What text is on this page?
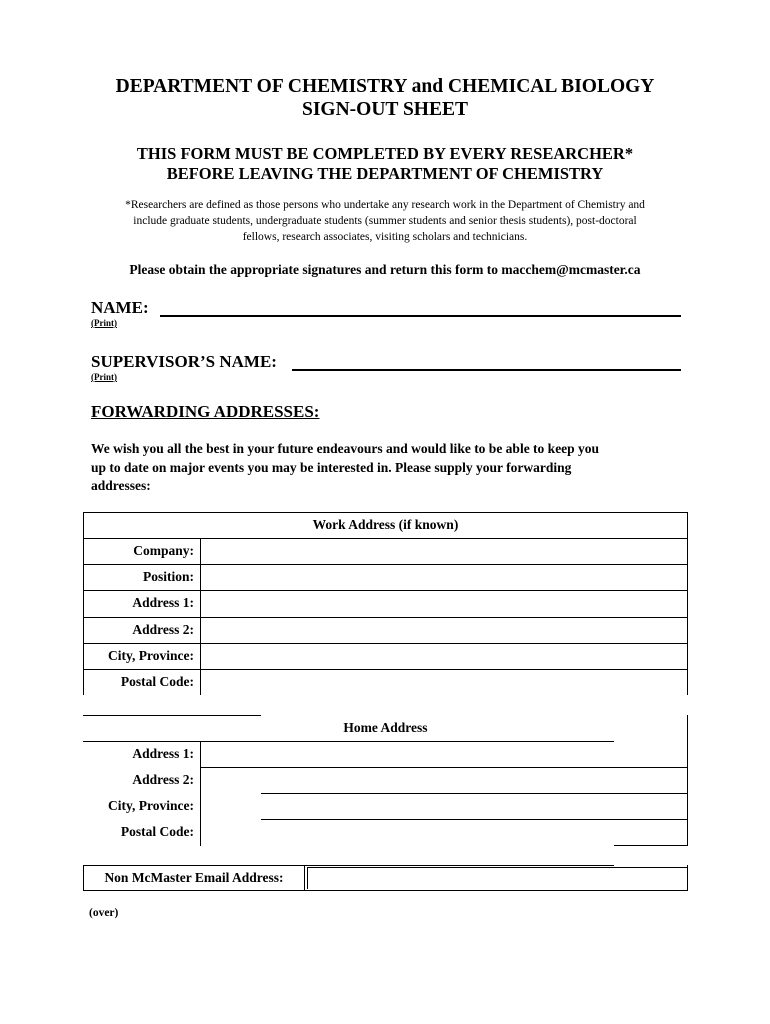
DEPARTMENT OF CHEMISTRY and CHEMICAL BIOLOGY
SIGN-OUT SHEET
THIS FORM MUST BE COMPLETED BY EVERY RESEARCHER*
BEFORE LEAVING THE DEPARTMENT OF CHEMISTRY
*Researchers are defined as those persons who undertake any research work in the Department of Chemistry and
include graduate students, undergraduate students (summer students and senior thesis students), post-doctoral
fellows, research associates, visiting scholars and technicians.
Please obtain the appropriate signatures and return this form to macchem@mcmaster.ca
NAME:
(Print)
SUPERVISOR’S NAME:
(Print)
FORWARDING ADDRESSES:
We wish you all the best in your future endeavours and would like to be able to keep you
up to date on major events you may be interested in. Please supply your forwarding
addresses:
Work Address (if known)
Company:
Position:
Address 1:
Address 2:
City, Province:
Postal Code:
Home Address
Address 1:
Address 2:
City, Province:
Postal Code:
Non McMaster Email Address:
(over)
